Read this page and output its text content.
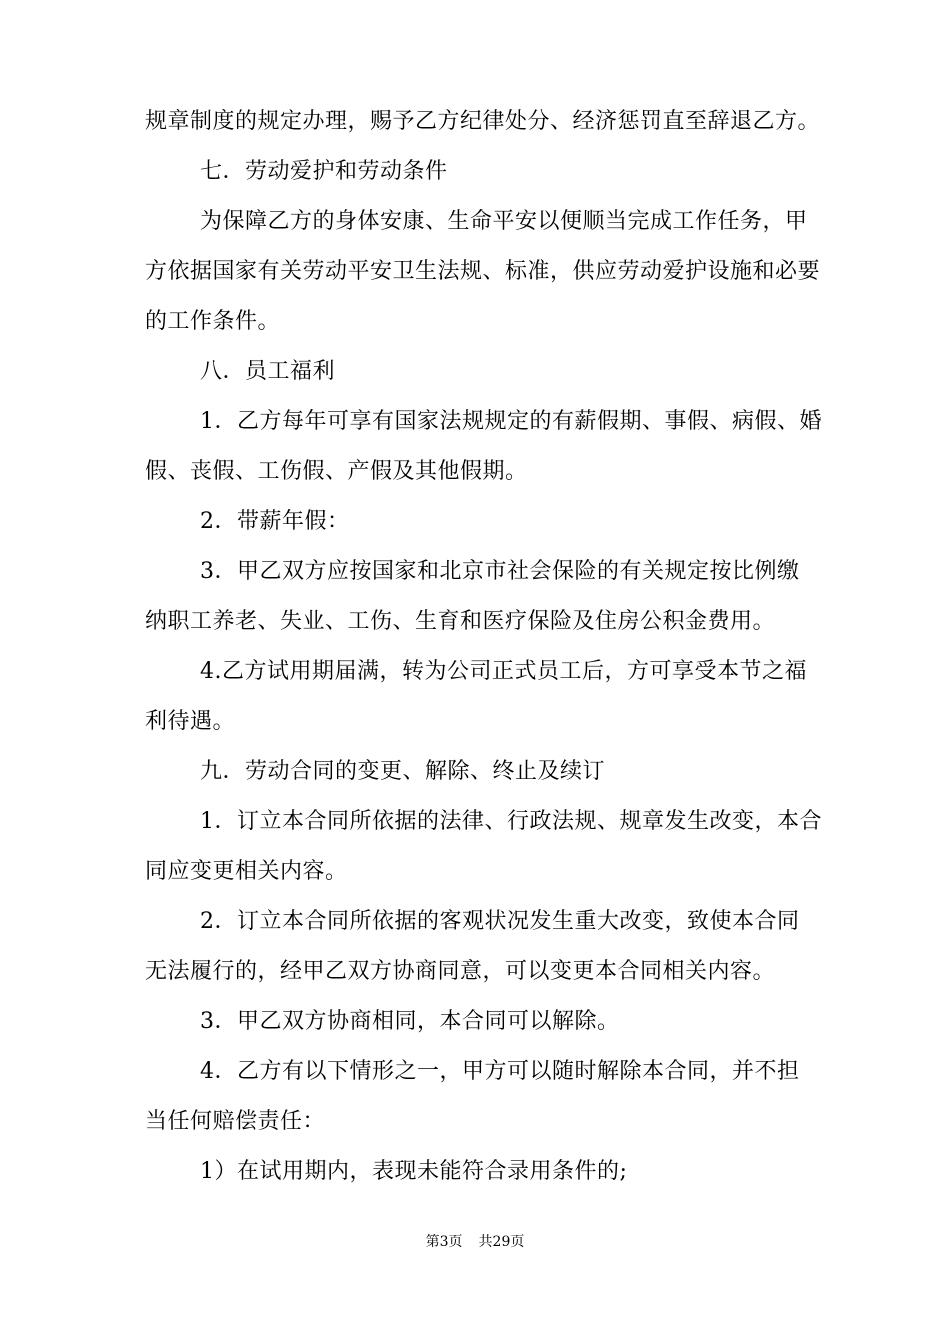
规章制度的规定办理，赐予乙方纪律处分、经济惩罚直至辞退乙方。
七．劳动爱护和劳动条件
为保障乙方的身体安康、生命平安以便顺当完成工作任务，甲
方依据国家有关劳动平安卫生法规、标准，供应劳动爱护设施和必要
的工作条件。
八．员工福利
1．乙方每年可享有国家法规规定的有薪假期、事假、病假、婚
假、丧假、工伤假、产假及其他假期。
2．带薪年假：
3．甲乙双方应按国家和北京市社会保险的有关规定按比例缴
纳职工养老、失业、工伤、生育和医疗保险及住房公积金费用。
4.乙方试用期届满，转为公司正式员工后，方可享受本节之福
利待遇。
九．劳动合同的变更、解除、终止及续订
1．订立本合同所依据的法律、行政法规、规章发生改变，本合
同应变更相关内容。
2．订立本合同所依据的客观状况发生重大改变，致使本合同
无法履行的，经甲乙双方协商同意，可以变更本合同相关内容。
3．甲乙双方协商相同，本合同可以解除。
4．乙方有以下情形之一，甲方可以随时解除本合同，并不担
当任何赔偿责任：
1）在试用期内，表现未能符合录用条件的;
第3页 共29页
